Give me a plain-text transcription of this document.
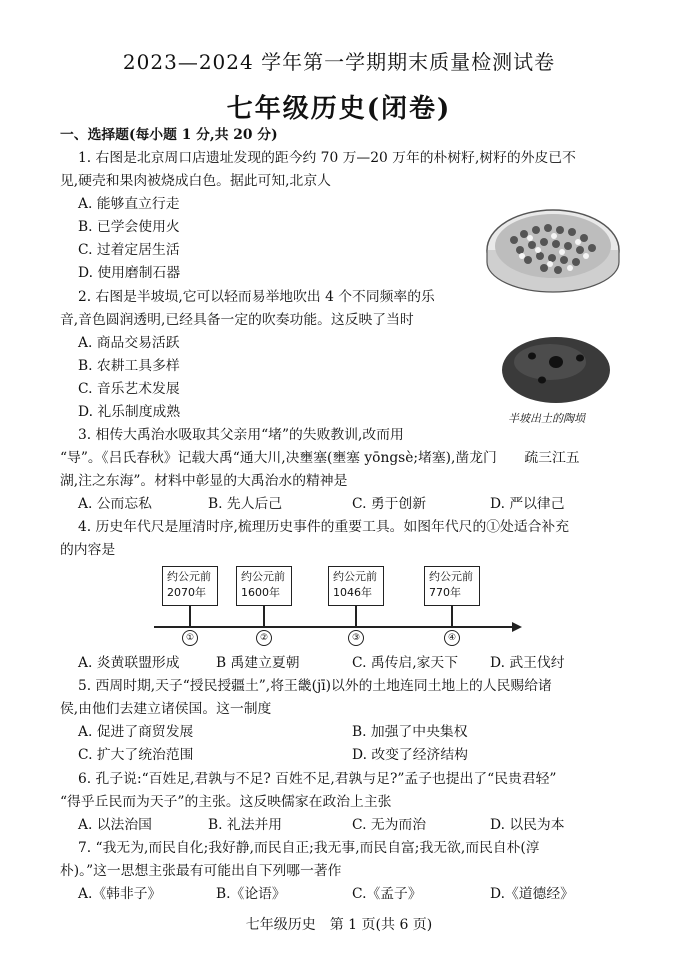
2023—2024 学年第一学期期末质量检测试卷
七年级历史(闭卷)
一、选择题(每小题 1 分,共 20 分)
1. 右图是北京周口店遗址发现的距今约 70 万—20 万年的朴树籽,树籽的外皮已不
见,硬壳和果肉被烧成白色。据此可知,北京人
A. 能够直立行走
B. 已学会使用火
C. 过着定居生活
D. 使用磨制石器
2. 右图是半坡埙,它可以轻而易举地吹出 4 个不同频率的乐
音,音色圆润透明,已经具备一定的吹奏功能。这反映了当时
A. 商品交易活跃
B. 农耕工具多样
C. 音乐艺术发展
D. 礼乐制度成熟	半坡出土的陶埙
3. 相传大禹治水吸取其父亲用“堵”的失败教训,改而用
“导”。《吕氏春秋》记载大禹“通大川,决壅塞(壅塞 yōngsè;堵塞),凿龙门　　疏三江五
湖,注之东海”。材料中彰显的大禹治水的精神是
A. 公而忘私	B. 先人后己	C. 勇于创新	D. 严以律己
4. 历史年代尺是厘清时序,梳理历史事件的重要工具。如图年代尺的①处适合补充
的内容是
约公元前
2070年
①
约公元前
1600年
②
约公元前
1046年
③
约公元前
770年
④
A. 炎黄联盟形成	B 禹建立夏朝	C. 禹传启,家天下 D. 武王伐纣
5. 西周时期,天子“授民授疆土”,将王畿(jī)以外的土地连同土地上的人民赐给诸
侯,由他们去建立诸侯国。这一制度
A. 促进了商贸发展	B. 加强了中央集权
C. 扩大了统治范围	D. 改变了经济结构
6. 孔子说:“百姓足,君孰与不足? 百姓不足,君孰与足?”孟子也提出了“民贵君轻”
“得乎丘民而为天子”的主张。这反映儒家在政治上主张
A. 以法治国	B. 礼法并用	C. 无为而治	D. 以民为本
7. “我无为,而民自化;我好静,而民自正;我无事,而民自富;我无欲,而民自朴(淳
朴)。”这一思想主张最有可能出自下列哪一著作
A.《韩非子》	B.《论语》	C.《孟子》	D.《道德经》
七年级历史　第 1 页(共 6 页)
